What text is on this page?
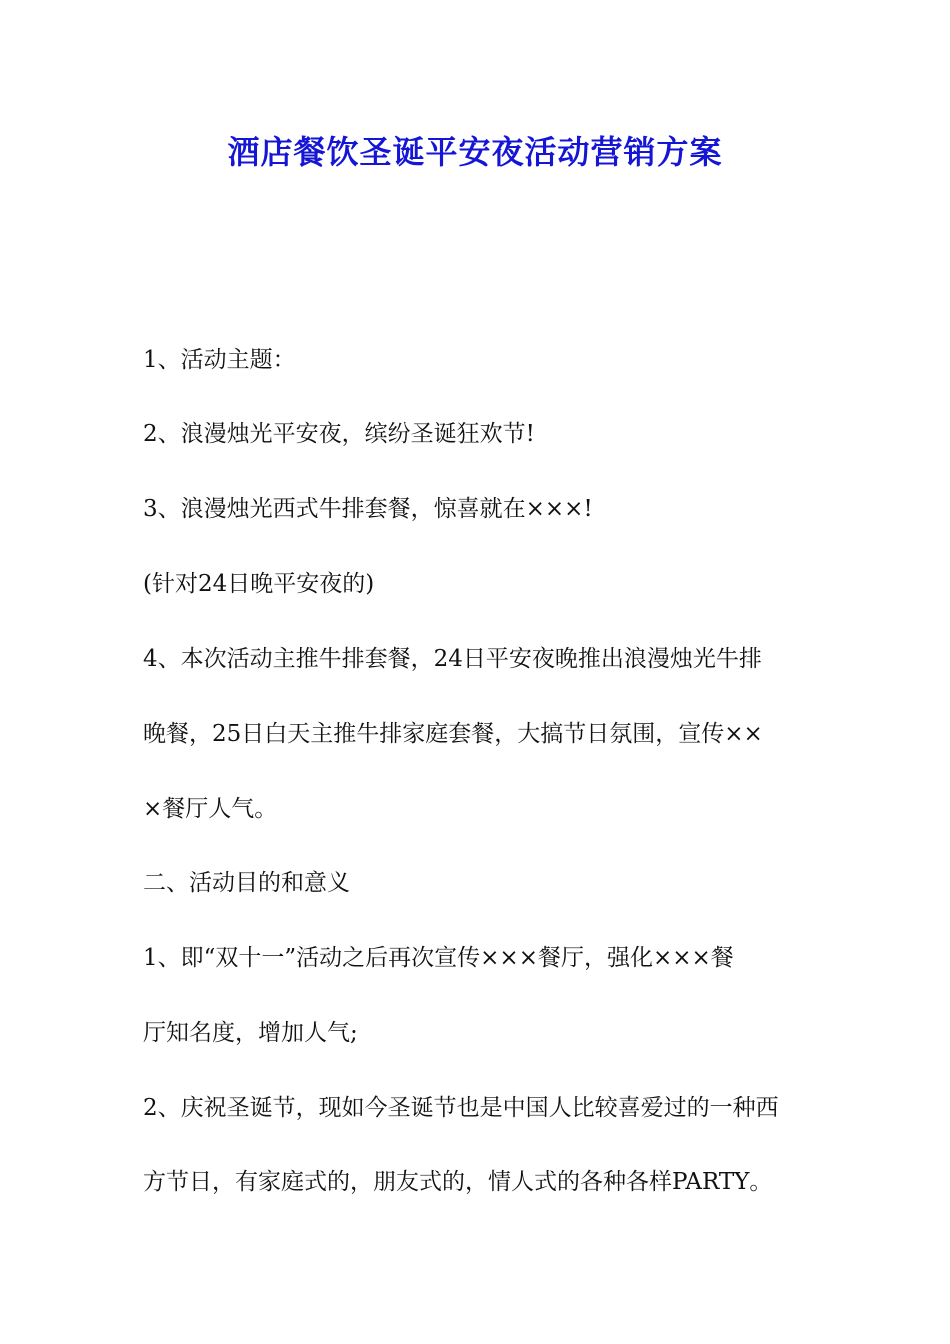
酒店餐饮圣诞平安夜活动营销方案

1、活动主题：

2、浪漫烛光平安夜，缤纷圣诞狂欢节!

3、浪漫烛光西式牛排套餐，惊喜就在×××!

(针对24日晚平安夜的)

4、本次活动主推牛排套餐，24日平安夜晚推出浪漫烛光牛排

晚餐，25日白天主推牛排家庭套餐，大搞节日氛围，宣传××

×餐厅人气。

二、活动目的和意义

1、即“双十一”活动之后再次宣传×××餐厅，强化×××餐

厅知名度，增加人气;

2、庆祝圣诞节，现如今圣诞节也是中国人比较喜爱过的一种西

方节日，有家庭式的，朋友式的，情人式的各种各样PARTY。
